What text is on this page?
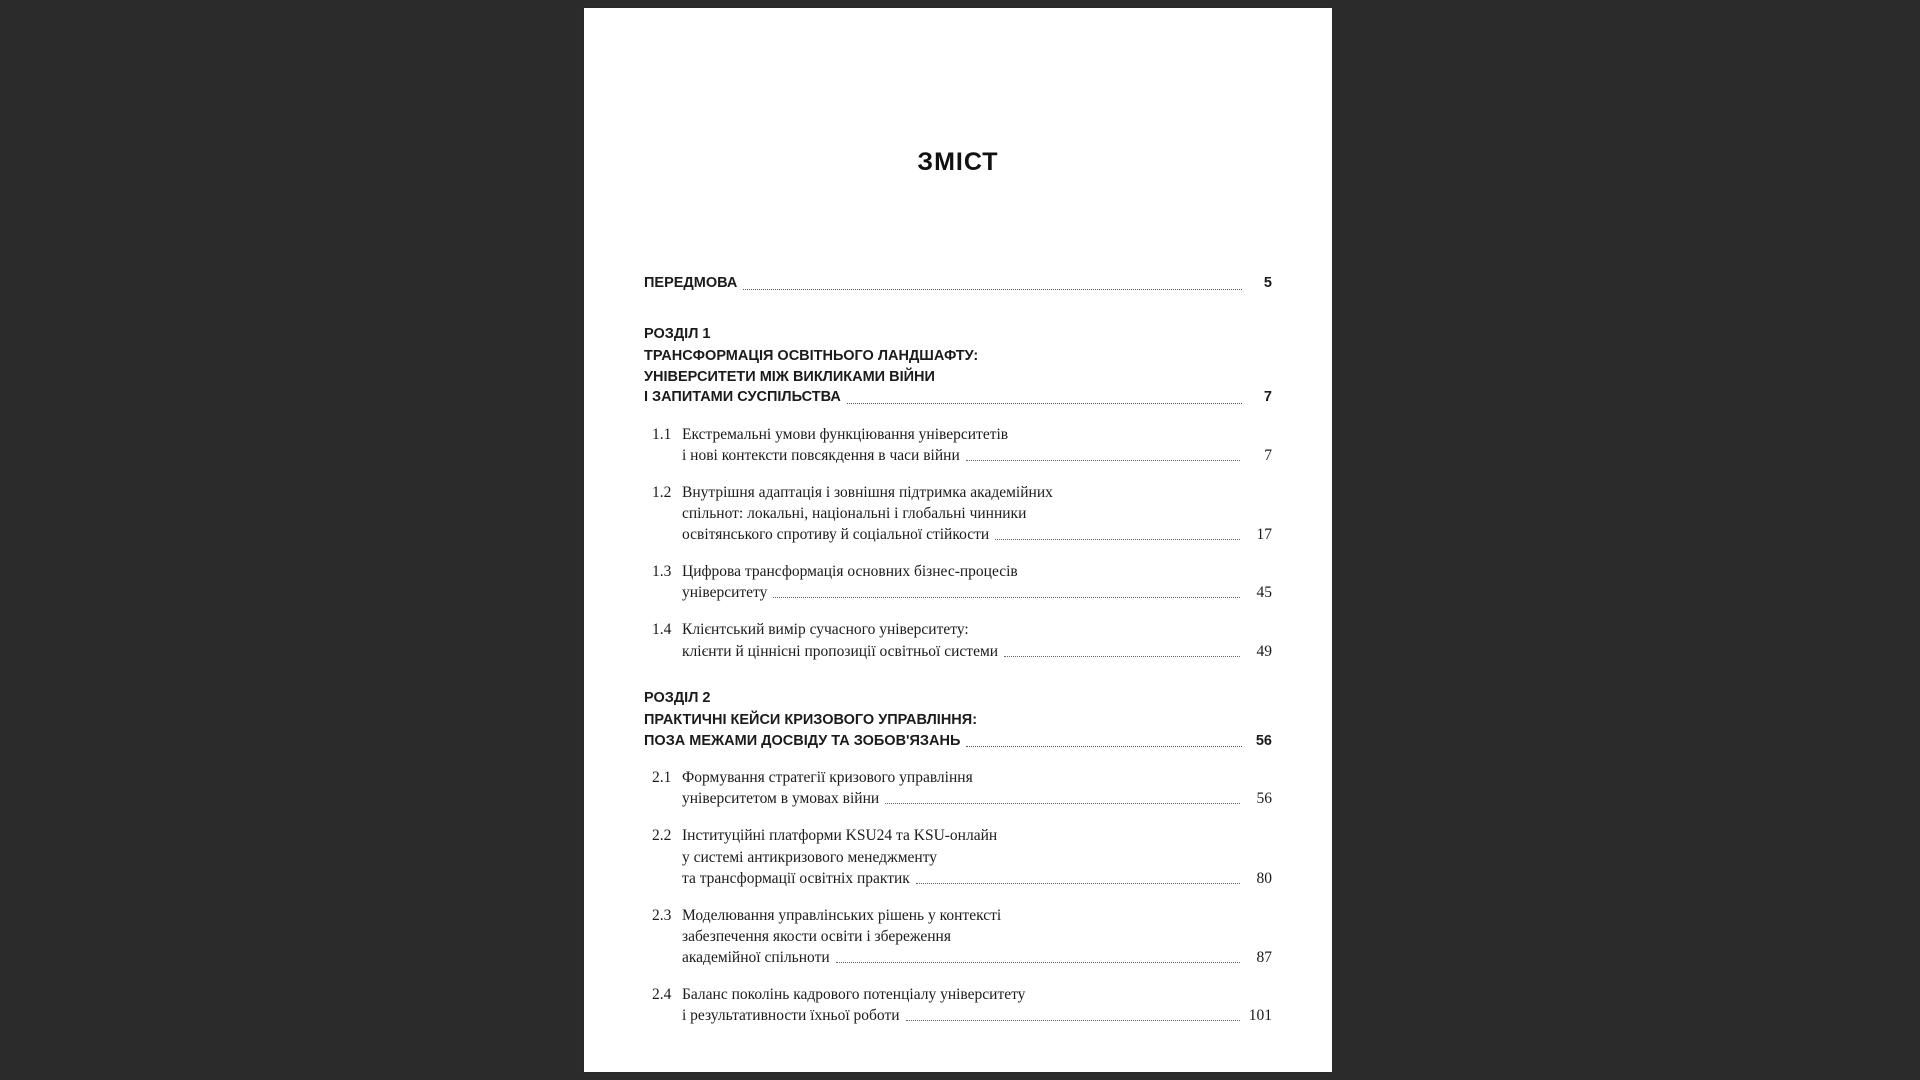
ЗМІСТ
ПЕРЕДМОВА	5
РОЗДІЛ 1
ТРАНСФОРМАЦІЯ ОСВІТНЬОГО ЛАНДШАФТУ:
УНІВЕРСИТЕТИ МІЖ ВИКЛИКАМИ ВІЙНИ
І ЗАПИТАМИ СУСПІЛЬСТВА	7
1.1 Екстремальні умови функціювання університетів
і нові контексти повсякдення в часи війни	7
1.2 Внутрішня адаптація і зовнішня підтримка академійних
спільнот: локальні, національні і глобальні чинники
освітянського спротиву й соціальної стійкости	17
1.3 Цифрова трансформація основних бізнес-процесів
університету	45
1.4 Клієнтський вимір сучасного університету:
клієнти й ціннісні пропозиції освітньої системи	49
РОЗДІЛ 2
ПРАКТИЧНІ КЕЙСИ КРИЗОВОГО УПРАВЛІННЯ:
ПОЗА МЕЖАМИ ДОСВІДУ ТА ЗОБОВ'ЯЗАНЬ	56
2.1 Формування стратегії кризового управління
університетом в умовах війни	56
2.2 Інституційні платформи KSU24 та KSU-онлайн
у системі антикризового менеджменту
та трансформації освітніх практик	80
2.3 Моделювання управлінських рішень у контексті
забезпечення якости освіти і збереження
академійної спільноти	87
2.4 Баланс поколінь кадрового потенціалу університету
і результативности їхньої роботи	101
